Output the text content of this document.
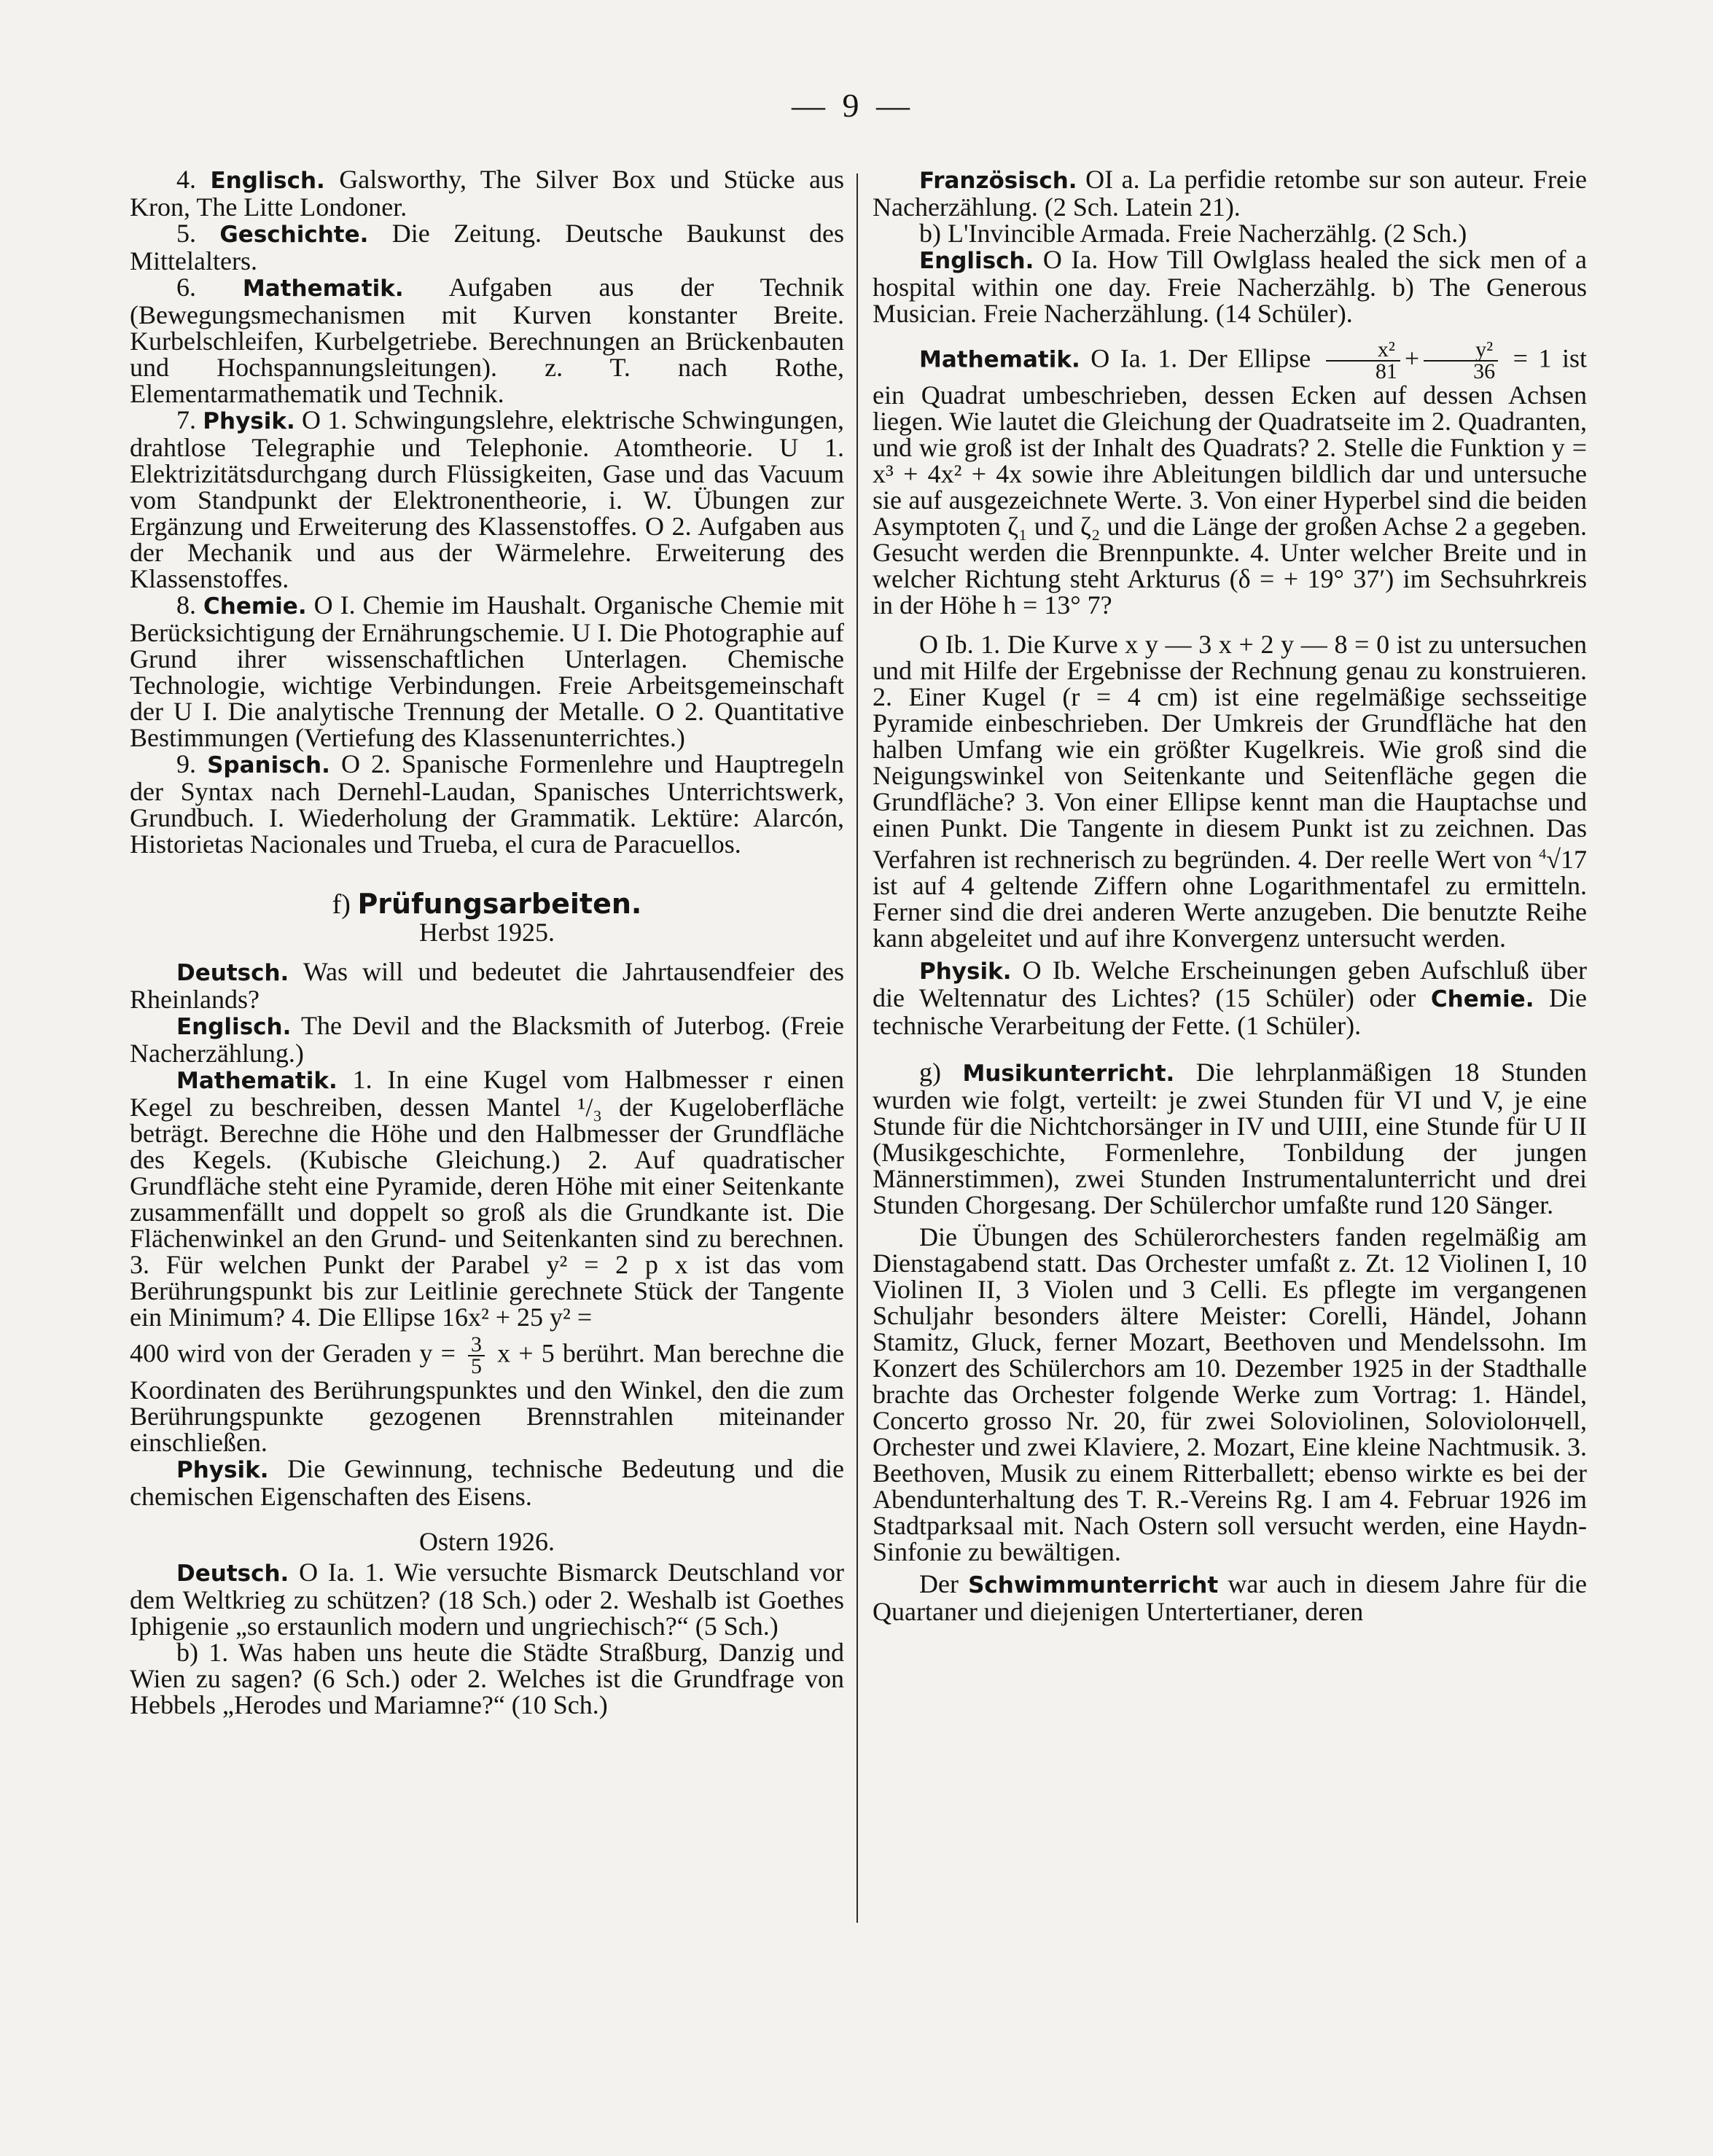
— 9 —

4. Englisch. Galsworthy, The Silver Box und Stücke aus Kron, The Litte Londoner.

5. Geschichte. Die Zeitung. Deutsche Baukunst des Mittelalters.

6. Mathematik. Aufgaben aus der Technik (Bewegungsmechanismen mit Kurven konstanter Breite. Kurbelschleifen, Kurbelgetriebe. Berechnungen an Brückenbauten und Hochspannungsleitungen). z. T. nach Rothe, Elementarmathematik und Technik.

7. Physik. O 1. Schwingungslehre, elektrische Schwingungen, drahtlose Telegraphie und Telephonie. Atomtheorie. U 1. Elektrizitätsdurchgang durch Flüssigkeiten, Gase und das Vacuum vom Standpunkt der Elektronentheorie, i. W. Übungen zur Ergänzung und Erweiterung des Klassenstoffes. O 2. Aufgaben aus der Mechanik und aus der Wärmelehre. Erweiterung des Klassenstoffes.

8. Chemie. O I. Chemie im Haushalt. Organische Chemie mit Berücksichtigung der Ernährungschemie. U I. Die Photographie auf Grund ihrer wissenschaftlichen Unterlagen. Chemische Technologie, wichtige Verbindungen. Freie Arbeitsgemeinschaft der U I. Die analytische Trennung der Metalle. O 2. Quantitative Bestimmungen (Vertiefung des Klassenunterrichtes.)

9. Spanisch. O 2. Spanische Formenlehre und Hauptregeln der Syntax nach Dernehl-Laudan, Spanisches Unterrichtswerk, Grundbuch. I. Wiederholung der Grammatik. Lektüre: Alarcón, Historietas Nacionales und Trueba, el cura de Paracuellos.

f) Prüfungsarbeiten.
Herbst 1925.

Deutsch. Was will und bedeutet die Jahrtausendfeier des Rheinlands?

Englisch. The Devil and the Blacksmith of Juterbog. (Freie Nacherzählung.)

Mathematik. 1. In eine Kugel vom Halbmesser r einen Kegel zu beschreiben, dessen Mantel ¹/₃ der Kugeloberfläche beträgt. Berechne die Höhe und den Halbmesser der Grundfläche des Kegels. (Kubische Gleichung.) 2. Auf quadratischer Grundfläche steht eine Pyramide, deren Höhe mit einer Seitenkante zusammenfällt und doppelt so groß als die Grundkante ist. Die Flächenwinkel an den Grund- und Seitenkanten sind zu berechnen. 3. Für welchen Punkt der Parabel y² = 2 p x ist das vom Berührungspunkt bis zur Leitlinie gerechnete Stück der Tangente ein Minimum? 4. Die Ellipse 16x² + 25 y² =

400 wird von der Geraden $y = \frac{3}{5}$ x + 5 berührt. Man berechne die Koordinaten des Berührungspunktes und den Winkel, den die zum Berührungspunkte gezogenen Brennstrahlen miteinander einschließen.

Physik. Die Gewinnung, technische Bedeutung und die chemischen Eigenschaften des Eisens.

Ostern 1926.

Deutsch. O Ia. 1. Wie versuchte Bismarck Deutschland vor dem Weltkrieg zu schützen? (18 Sch.) oder 2. Weshalb ist Goethes Iphigenie „so erstaunlich modern und ungriechisch?“ (5 Sch.)

b) 1. Was haben uns heute die Städte Straßburg, Danzig und Wien zu sagen? (6 Sch.) oder 2. Welches ist die Grundfrage von Hebbels „Herodes und Mariamne?“ (10 Sch.)

Französisch. OI a. La perfidie retombe sur son auteur. Freie Nacherzählung. (2 Sch. Latein 21).

b) L'Invincible Armada. Freie Nacherzählg. (2 Sch.)

Englisch. O Ia. How Till Owlglass healed the sick men of a hospital within one day. Freie Nacherzählg. b) The Generous Musician. Freie Nacherzählung. (14 Schüler).

Mathematik. O Ia. 1. Der Ellipse $\frac{\text{x²}}{81} + \frac{\text{y²}}{36} = 1$ ist ein Quadrat umbeschrieben, dessen Ecken auf dessen Achsen liegen. Wie lautet die Gleichung der Quadratseite im 2. Quadranten, und wie groß ist der Inhalt des Quadrats? 2. Stelle die Funktion y = x³ + 4x² + 4x sowie ihre Ableitungen bildlich dar und untersuche sie auf ausgezeichnete Werte. 3. Von einer Hyperbel sind die beiden Asymptoten ζ₁ und ζ₂ und die Länge der großen Achse 2 a gegeben. Gesucht werden die Brennpunkte. 4. Unter welcher Breite und in welcher Richtung steht Arkturus (δ = + 19° 37′) im Sechsuhrkreis in der Höhe h = 13° 7?

O Ib. 1. Die Kurve x y — 3 x + 2 y — 8 = 0 ist zu untersuchen und mit Hilfe der Ergebnisse der Rechnung genau zu konstruieren. 2. Einer Kugel (r = 4 cm) ist eine regelmäßige sechsseitige Pyramide einbeschrieben. Der Umkreis der Grundfläche hat den halben Umfang wie ein größter Kugelkreis. Wie groß sind die Neigungswinkel von Seitenkante und Seitenfläche gegen die Grundfläche? 3. Von einer Ellipse kennt man die Hauptachse und einen Punkt. Die Tangente in diesem Punkt ist zu zeichnen. Das Verfahren ist rechnerisch zu begründen. 4. Der reelle Wert von $^4$√17 ist auf 4 geltende Ziffern ohne Logarithmentafel zu ermitteln. Ferner sind die drei anderen Werte anzugeben. Die benutzte Reihe kann abgeleitet und auf ihre Konvergenz untersucht werden.

Physik. O Ib. Welche Erscheinungen geben Aufschluß über die Weltennatur des Lichtes? (15 Schüler) oder Chemie. Die technische Verarbeitung der Fette. (1 Schüler).

g) Musikunterricht. Die lehrplanmäßigen 18 Stunden wurden wie folgt, verteilt: je zwei Stunden für VI und V, je eine Stunde für die Nichtchorsänger in IV und UIII, eine Stunde für U II (Musikgeschichte, Formenlehre, Tonbildung der jungen Männerstimmen), zwei Stunden Instrumentalunterricht und drei Stunden Chorgesang. Der Schülerchor umfaßte rund 120 Sänger.

Die Übungen des Schülerorchesters fanden regelmäßig am Dienstagabend statt. Das Orchester umfaßt z. Zt. 12 Violinen I, 10 Violinen II, 3 Violen und 3 Celli. Es pflegte im vergangenen Schuljahr besonders ältere Meister: Corelli, Händel, Johann Stamitz, Gluck, ferner Mozart, Beethoven und Mendelssohn. Im Konzert des Schülerchors am 10. Dezember 1925 in der Stadthalle brachte das Orchester folgende Werke zum Vortrag: 1. Händel, Concerto grosso Nr. 20, für zwei Soloviolinen, Soloviolончell, Orchester und zwei Klaviere, 2. Mozart, Eine kleine Nachtmusik. 3. Beethoven, Musik zu einem Ritterballett; ebenso wirkte es bei der Abendunterhaltung des T. R.-Vereins Rg. I am 4. Februar 1926 im Stadtparksaal mit. Nach Ostern soll versucht werden, eine Haydn-Sinfonie zu bewältigen.

Der Schwimmunterricht war auch in diesem Jahre für die Quartaner und diejenigen Untertertianer, deren
